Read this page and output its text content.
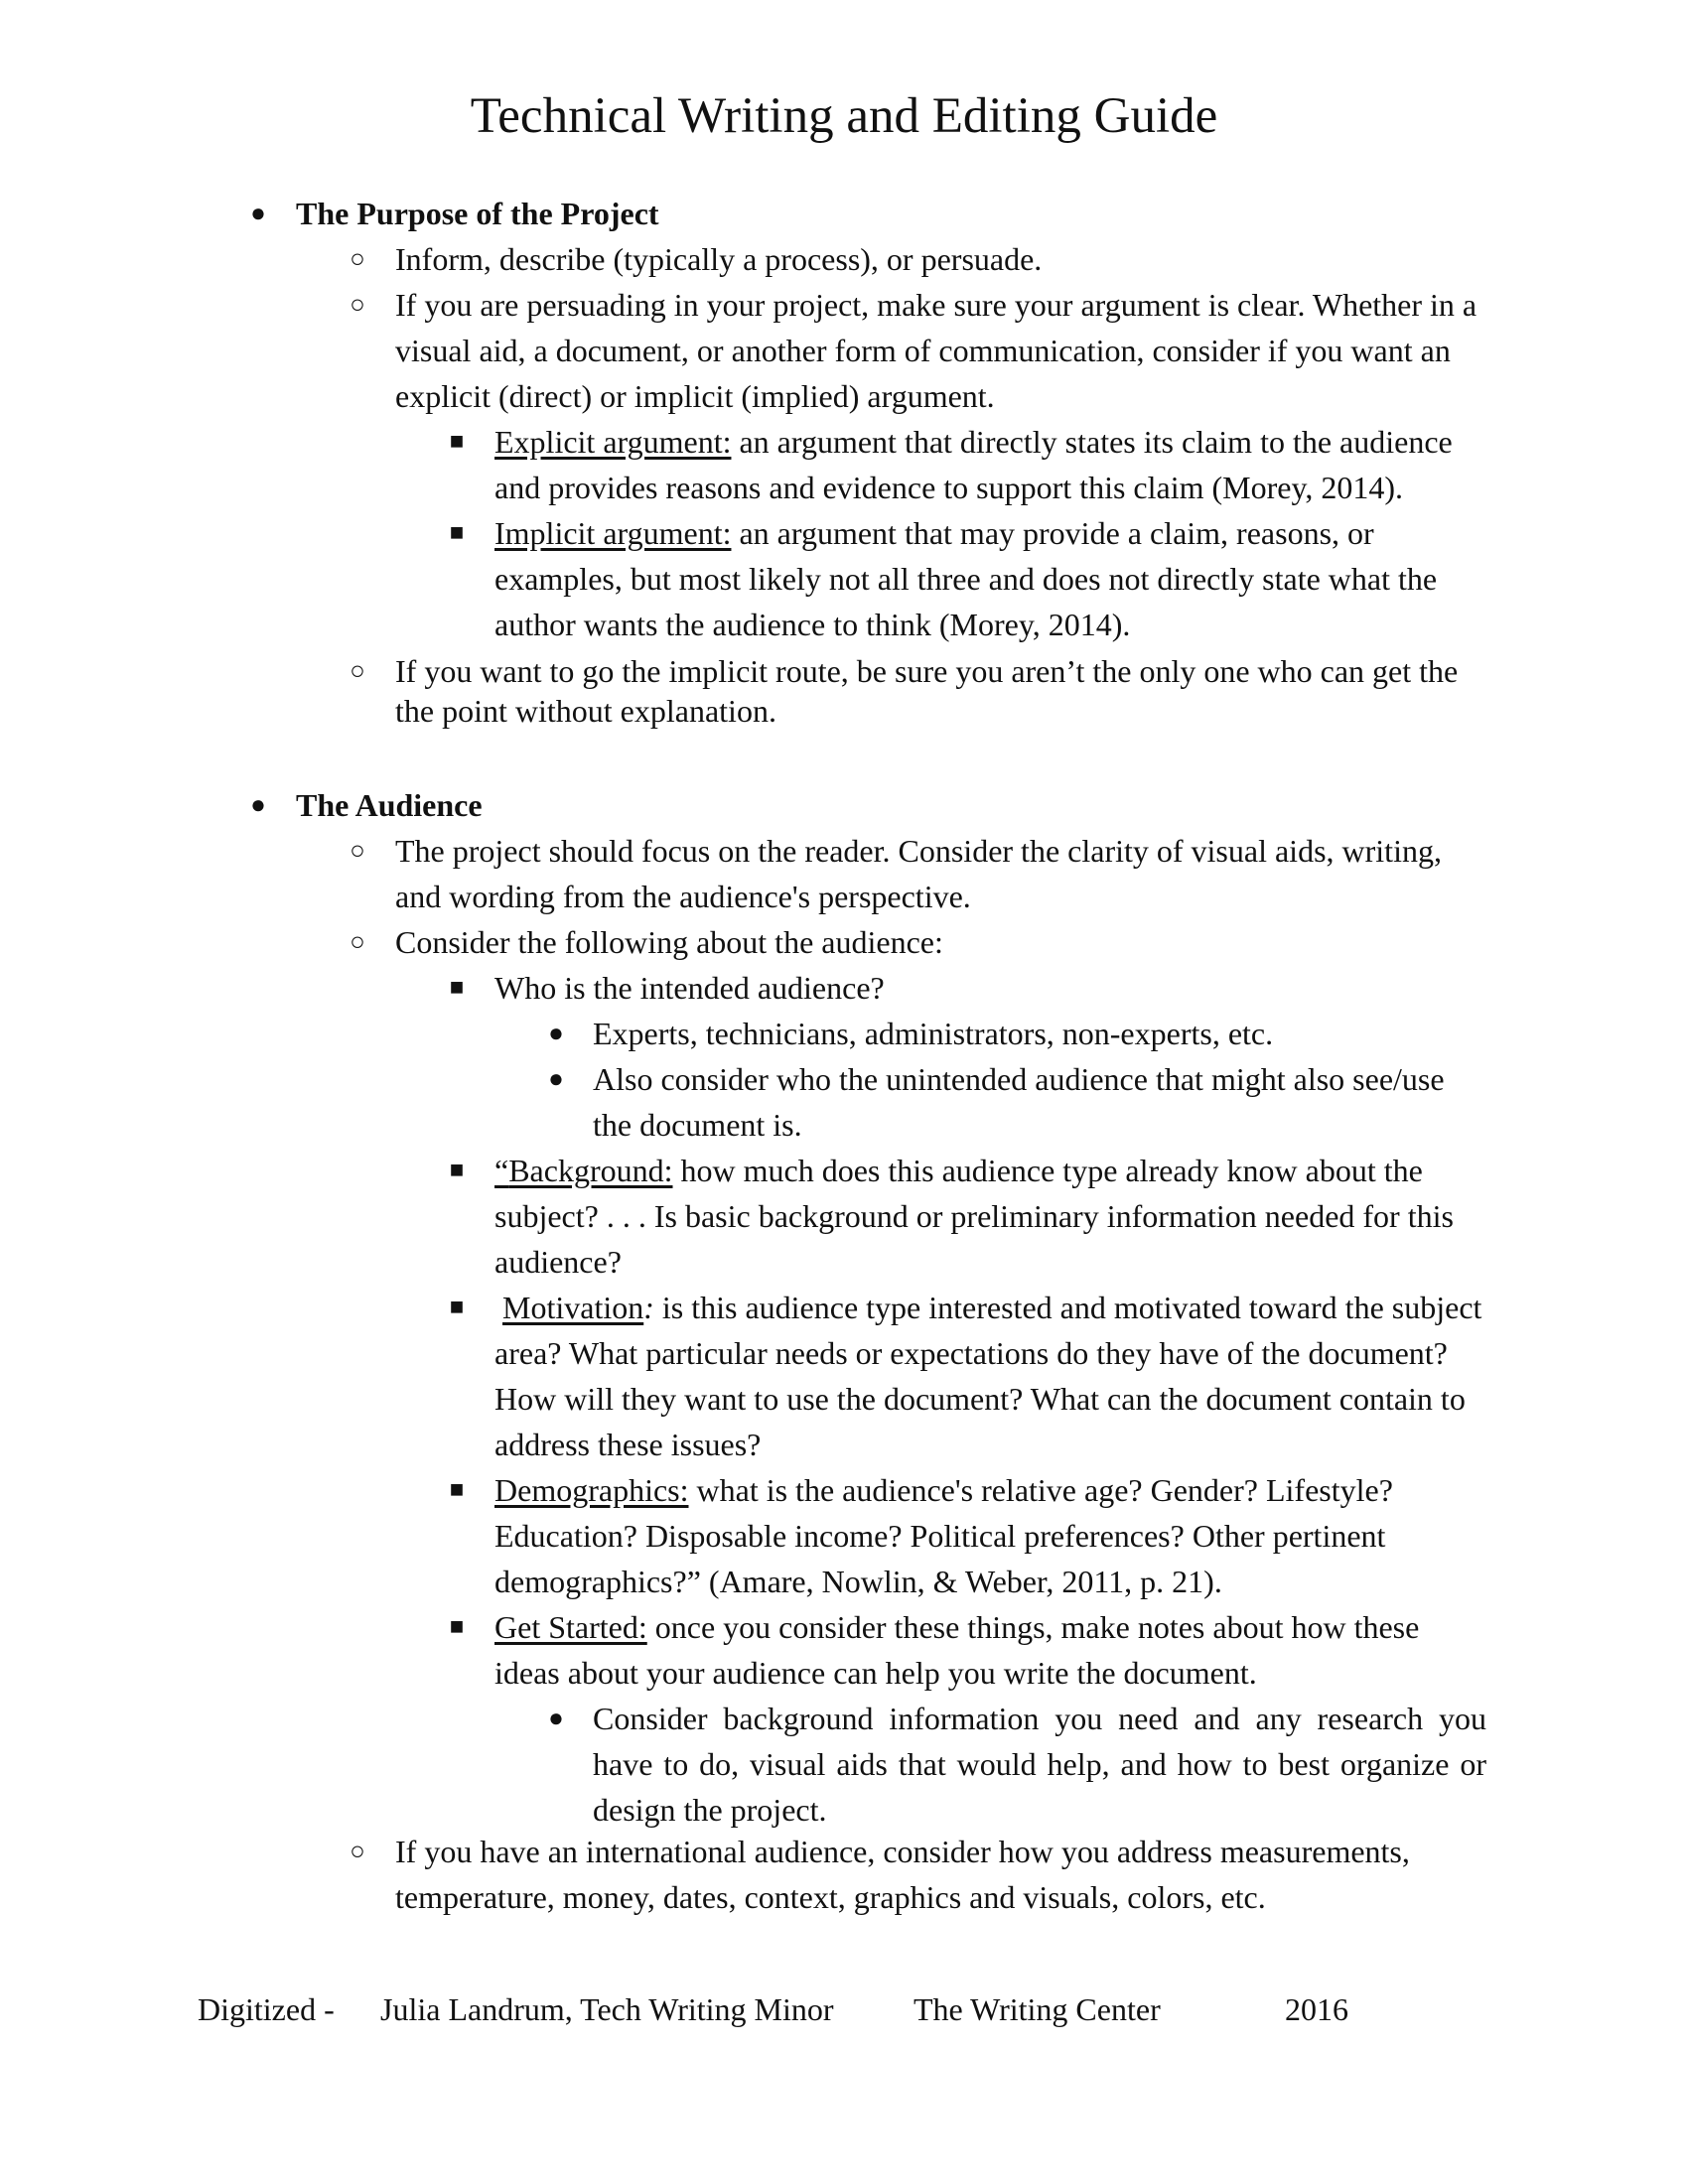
Technical Writing and Editing Guide
● The Purpose of the Project
○ Inform, describe (typically a process), or persuade.
○ If you are persuading in your project, make sure your argument is clear. Whether in a visual aid, a document, or another form of communication, consider if you want an explicit (direct) or implicit (implied) argument.
■ Explicit argument: an argument that directly states its claim to the audience and provides reasons and evidence to support this claim (Morey, 2014).
■ Implicit argument: an argument that may provide a claim, reasons, or examples, but most likely not all three and does not directly state what the author wants the audience to think (Morey, 2014).
○ If you want to go the implicit route, be sure you aren’t the only one who can get the the point without explanation.
● The Audience
○ The project should focus on the reader. Consider the clarity of visual aids, writing, and wording from the audience's perspective.
○ Consider the following about the audience:
■ Who is the intended audience?
● Experts, technicians, administrators, non-experts, etc.
● Also consider who the unintended audience that might also see/use the document is.
■ “Background: how much does this audience type already know about the subject? . . . Is basic background or preliminary information needed for this audience?
■	Motivation: is this audience type interested and motivated toward the subject area? What particular needs or expectations do they have of the document? How will they want to use the document? What can the document contain to address these issues?
■ Demographics: what is the audience's relative age? Gender? Lifestyle? Education? Disposable income? Political preferences? Other pertinent demographics?” (Amare, Nowlin, & Weber, 2011, p. 21).
■ Get Started: once you consider these things, make notes about how these ideas about your audience can help you write the document.
● Consider background information you need and any research you have to do, visual aids that would help, and how to best organize or design the project.
○ If you have an international audience, consider how you address measurements, temperature, money, dates, context, graphics and visuals, colors, etc.
Digitized - Julia Landrum, Tech Writing Minor	The Writing Center	2016
